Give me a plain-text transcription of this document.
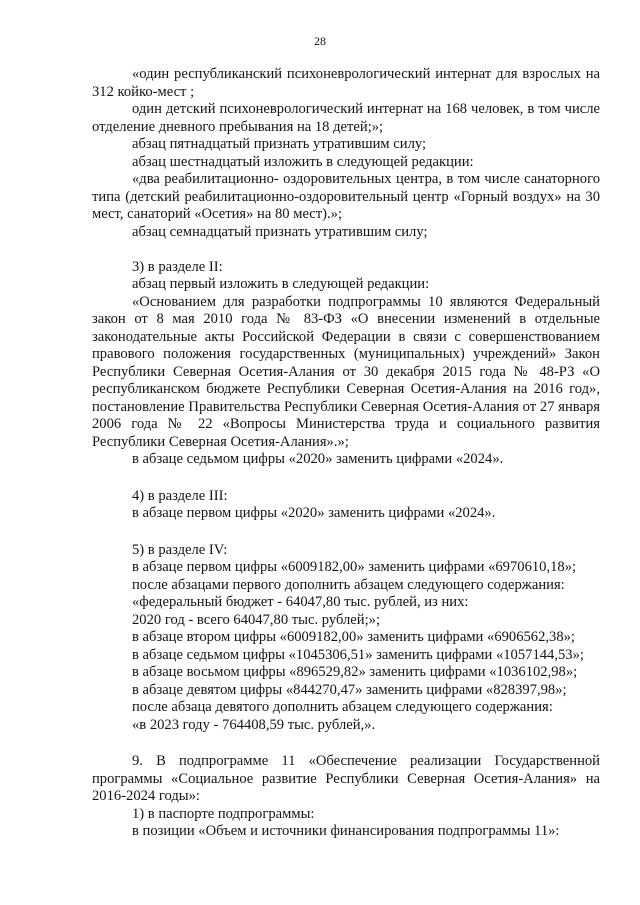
28

«один республиканский психоневрологический интернат для взрослых на 312 койко-мест ;

один детский психоневрологический интернат на 168 человек, в том числе отделение дневного пребывания на 18 детей;»;

абзац пятнадцатый признать утратившим силу;

абзац шестнадцатый изложить в следующей редакции:

«два реабилитационно- оздоровительных центра, в том числе санаторного типа (детский реабилитационно-оздоровительный центр «Горный воздух» на 30 мест, санаторий «Осетия» на 80 мест).»;

абзац семнадцатый признать утратившим силу;

3) в разделе II:

абзац первый изложить в следующей редакции:

«Основанием для разработки подпрограммы 10 являются Федеральный закон от 8 мая 2010 года № 83-ФЗ «О внесении изменений в отдельные законодательные акты Российской Федерации в связи с совершенствованием правового положения государственных (муниципальных) учреждений» Закон Республики Северная Осетия-Алания от 30 декабря 2015 года № 48-РЗ «О республиканском бюджете Республики Северная Осетия-Алания на 2016 год», постановление Правительства Республики Северная Осетия-Алания от 27 января 2006 года № 22 «Вопросы Министерства труда и социального развития Республики Северная Осетия-Алания».»;

в абзаце седьмом цифры «2020» заменить цифрами «2024».

4) в разделе III:

в абзаце первом цифры «2020» заменить цифрами «2024».

5) в разделе IV:

в абзаце первом цифры «6009182,00» заменить цифрами «6970610,18»;

после абзацами первого дополнить абзацем следующего содержания:

«федеральный бюджет - 64047,80 тыс. рублей, из них:

2020 год - всего 64047,80 тыс. рублей;»;

в абзаце втором цифры «6009182,00» заменить цифрами «6906562,38»;

в абзаце седьмом цифры «1045306,51» заменить цифрами «1057144,53»;

в абзаце восьмом цифры «896529,82» заменить цифрами «1036102,98»;

в абзаце девятом цифры «844270,47» заменить цифрами «828397,98»;

после абзаца девятого дополнить абзацем следующего содержания:

«в 2023 году - 764408,59 тыс. рублей,».

9. В подпрограмме 11 «Обеспечение реализации Государственной программы «Социальное развитие Республики Северная Осетия-Алания» на 2016-2024 годы»:

1) в паспорте подпрограммы:

в позиции «Объем и источники финансирования подпрограммы 11»:
